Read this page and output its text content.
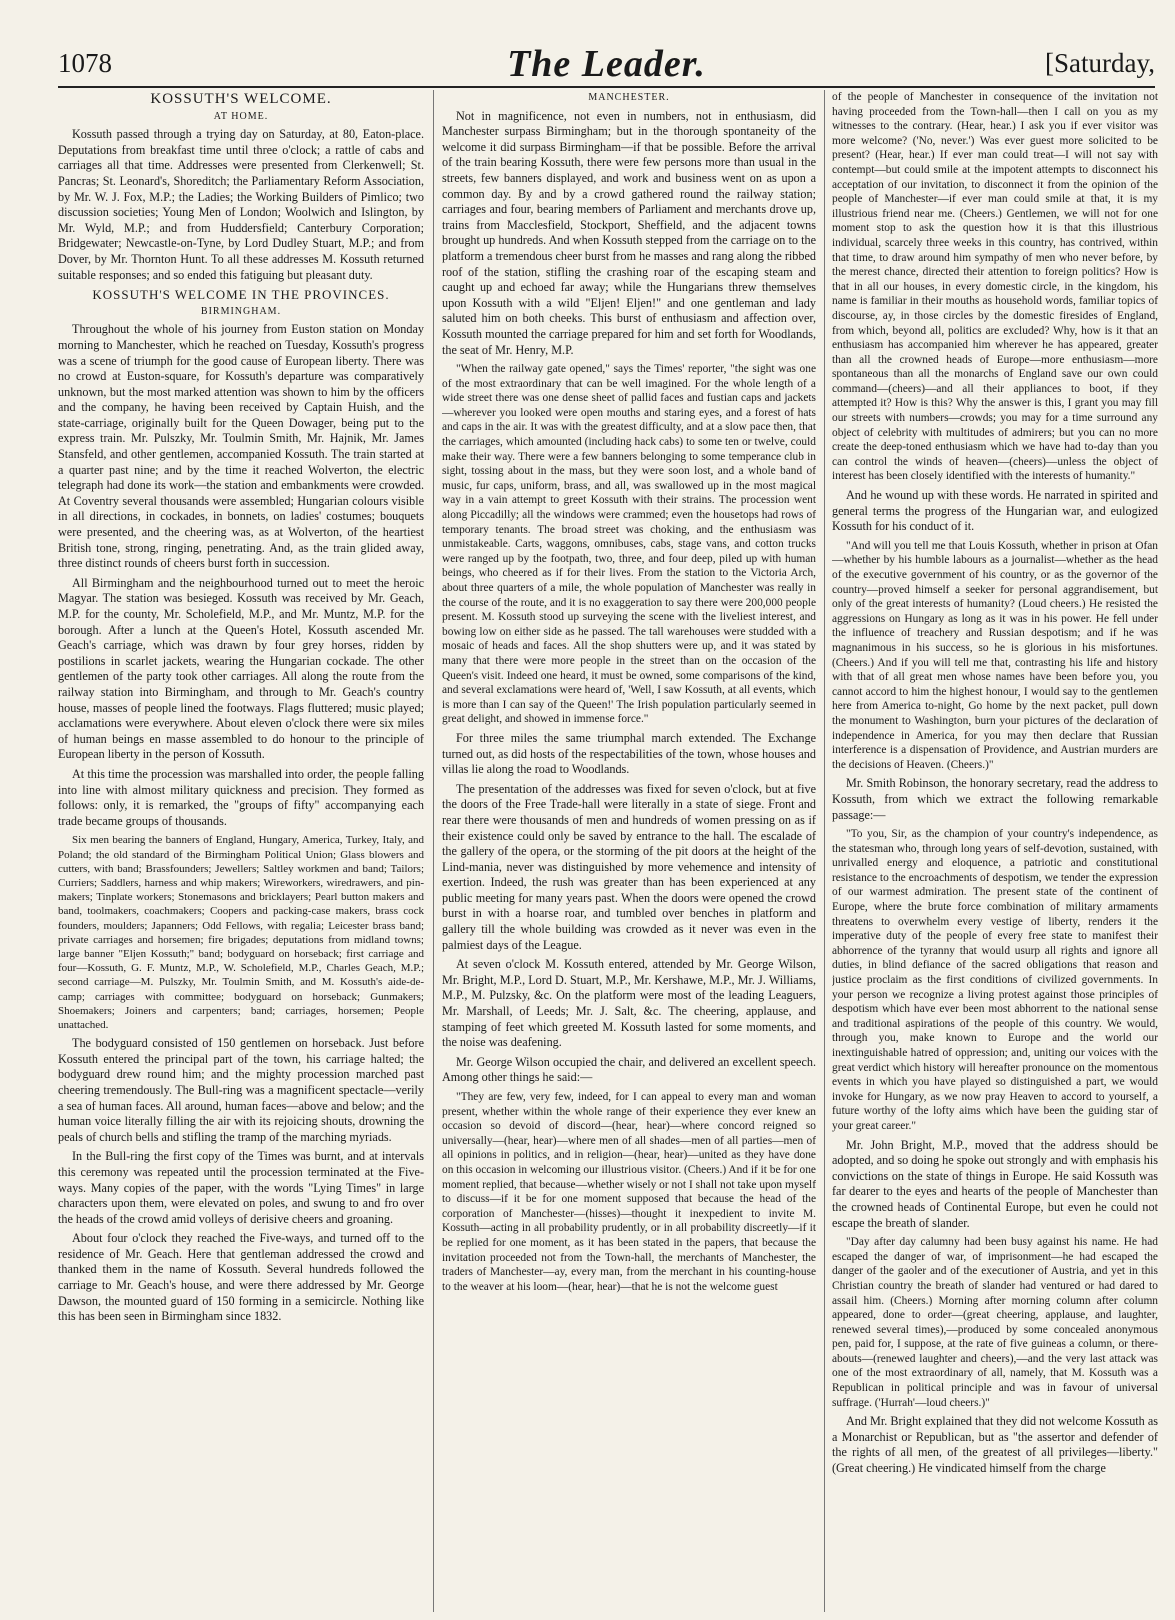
1078	The Leader.	[Saturday,
KOSSUTH'S WELCOME.
AT HOME.

Kossuth passed through a trying day on Saturday, at 80, Eaton-place. Deputations from breakfast time until three o'clock; a rattle of cabs and carriages all that time. Addresses were presented from Clerkenwell; St. Pancras; St. Leonard's, Shoreditch; the Parliamentary Reform Association, by Mr. W. J. Fox, M.P.; the Ladies; the Working Builders of Pimlico; two discussion societies; Young Men of London; Woolwich and Islington, by Mr. Wyld, M.P.; and from Huddersfield; Canterbury Corporation; Bridgewater; Newcastle-on-Tyne, by Lord Dudley Stuart, M.P.; and from Dover, by Mr. Thornton Hunt. To all these addresses M. Kossuth returned suitable responses; and so ended this fatiguing but pleasant duty.

KOSSUTH'S WELCOME IN THE PROVINCES.
BIRMINGHAM.

Throughout the whole of his journey from Euston station on Monday morning to Manchester, which he reached on Tuesday, Kossuth's progress was a scene of triumph for the good cause of European liberty. There was no crowd at Euston-square, for Kossuth's departure was comparatively unknown, but the most marked attention was shown to him by the officers and the company, he having been received by Captain Huish, and the state-carriage, originally built for the Queen Dowager, being put to the express train. Mr. Pulszky, Mr. Toulmin Smith, Mr. Hajnik, Mr. James Stansfeld, and other gentlemen, accompanied Kossuth. The train started at a quarter past nine; and by the time it reached Wolverton, the electric telegraph had done its work—the station and embankments were crowded. At Coventry several thousands were assembled; Hungarian colours visible in all directions, in cockades, in bonnets, on ladies' costumes; bouquets were presented, and the cheering was, as at Wolverton, of the heartiest British tone, strong, ringing, penetrating. And, as the train glided away, three distinct rounds of cheers burst forth in succession.

All Birmingham and the neighbourhood turned out to meet the heroic Magyar. The station was besieged. Kossuth was received by Mr. Geach, M.P. for the county, Mr. Scholefield, M.P., and Mr. Muntz, M.P. for the borough. After a lunch at the Queen's Hotel, Kossuth ascended Mr. Geach's carriage, which was drawn by four grey horses, ridden by postilions in scarlet jackets, wearing the Hungarian cockade. The other gentlemen of the party took other carriages. All along the route from the railway station into Birmingham, and through to Mr. Geach's country house, masses of people lined the footways. Flags fluttered; music played; acclamations were everywhere. About eleven o'clock there were six miles of human beings en masse assembled to do honour to the principle of European liberty in the person of Kossuth.

At this time the procession was marshalled into order, the people falling into line with almost military quickness and precision. They formed as follows: only, it is remarked, the "groups of fifty" accompanying each trade became groups of thousands.

Six men bearing the banners of England, Hungary, America, Turkey, Italy, and Poland; the old standard of the Birmingham Political Union; Glass blowers and cutters, with band; Brassfounders; Jewellers; Saltley workmen and band; Tailors; Curriers; Saddlers, harness and whip makers; Wireworkers, wiredrawers, and pin-makers; Tinplate workers; Stonemasons and bricklayers; Pearl button makers and band, toolmakers, coachmakers; Coopers and packing-case makers, brass cock founders, moulders; Japanners; Odd Fellows, with regalia; Leicester brass band; private carriages and horsemen; fire brigades; deputations from midland towns; large banner "Eljen Kossuth;" band; bodyguard on horseback; first carriage and four—Kossuth, G. F. Muntz, M.P., W. Scholefield, M.P., Charles Geach, M.P.; second carriage—M. Pulszky, Mr. Toulmin Smith, and M. Kossuth's aide-de-camp; carriages with committee; bodyguard on horseback; Gunmakers; Shoemakers; Joiners and carpenters; band; carriages, horsemen; People unattached.

The bodyguard consisted of 150 gentlemen on horseback. Just before Kossuth entered the principal part of the town, his carriage halted; the bodyguard drew round him; and the mighty procession marched past cheering tremendously. The Bull-ring was a magnificent spectacle—verily a sea of human faces. All around, human faces—above and below; and the human voice literally filling the air with its rejoicing shouts, drowning the peals of church bells and stifling the tramp of the marching myriads.

In the Bull-ring the first copy of the Times was burnt, and at intervals this ceremony was repeated until the procession terminated at the Five-ways. Many copies of the paper, with the words "Lying Times" in large characters upon them, were elevated on poles, and swung to and fro over the heads of the crowd amid volleys of derisive cheers and groaning.

About four o'clock they reached the Five-ways, and turned off to the residence of Mr. Geach. Here that gentleman addressed the crowd and thanked them in the name of Kossuth. Several hundreds followed the carriage to Mr. Geach's house, and were there addressed by Mr. George Dawson, the mounted guard of 150 forming in a semicircle. Nothing like this has been seen in Birmingham since 1832.

MANCHESTER.

Not in magnificence, not even in numbers, not in enthusiasm, did Manchester surpass Birmingham; but in the thorough spontaneity of the welcome it did surpass Birmingham—if that be possible. Before the arrival of the train bearing Kossuth, there were few persons more than usual in the streets, few banners displayed, and work and business went on as upon a common day. By and by a crowd gathered round the railway station; carriages and four, bearing members of Parliament and merchants drove up, trains from Macclesfield, Stockport, Sheffield, and the adjacent towns brought up hundreds. And when Kossuth stepped from the carriage on to the platform a tremendous cheer burst from he masses and rang along the ribbed roof of the station, stifling the crashing roar of the escaping steam and caught up and echoed far away; while the Hungarians threw themselves upon Kossuth with a wild "Eljen! Eljen!" and one gentleman and lady saluted him on both cheeks. This burst of enthusiasm and affection over, Kossuth mounted the carriage prepared for him and set forth for Woodlands, the seat of Mr. Henry, M.P.

"When the railway gate opened," says the Times' reporter, "the sight was one of the most extraordinary that can be well imagined. For the whole length of a wide street there was one dense sheet of pallid faces and fustian caps and jackets—wherever you looked were open mouths and staring eyes, and a forest of hats and caps in the air. It was with the greatest difficulty, and at a slow pace then, that the carriages, which amounted (including hack cabs) to some ten or twelve, could make their way. There were a few banners belonging to some temperance club in sight, tossing about in the mass, but they were soon lost, and a whole band of music, fur caps, uniform, brass, and all, was swallowed up in the most magical way in a vain attempt to greet Kossuth with their strains. The procession went along Piccadilly; all the windows were crammed; even the housetops had rows of temporary tenants. The broad street was choking, and the enthusiasm was unmistakeable. Carts, waggons, omnibuses, cabs, stage vans, and cotton trucks were ranged up by the footpath, two, three, and four deep, piled up with human beings, who cheered as if for their lives. From the station to the Victoria Arch, about three quarters of a mile, the whole population of Manchester was really in the course of the route, and it is no exaggeration to say there were 200,000 people present. M. Kossuth stood up surveying the scene with the liveliest interest, and bowing low on either side as he passed. The tall warehouses were studded with a mosaic of heads and faces. All the shop shutters were up, and it was stated by many that there were more people in the street than on the occasion of the Queen's visit. Indeed one heard, it must be owned, some comparisons of the kind, and several exclamations were heard of, 'Well, I saw Kossuth, at all events, which is more than I can say of the Queen!' The Irish population particularly seemed in great delight, and showed in immense force."

For three miles the same triumphal march extended. The Exchange turned out, as did hosts of the respectabilities of the town, whose houses and villas lie along the road to Woodlands.

The presentation of the addresses was fixed for seven o'clock, but at five the doors of the Free Trade-hall were literally in a state of siege. Front and rear there were thousands of men and hundreds of women pressing on as if their existence could only be saved by entrance to the hall. The escalade of the gallery of the opera, or the storming of the pit doors at the height of the Lind-mania, never was distinguished by more vehemence and intensity of exertion. Indeed, the rush was greater than has been experienced at any public meeting for many years past. When the doors were opened the crowd burst in with a hoarse roar, and tumbled over benches in platform and gallery till the whole building was crowded as it never was even in the palmiest days of the League.

At seven o'clock M. Kossuth entered, attended by Mr. George Wilson, Mr. Bright, M.P., Lord D. Stuart, M.P., Mr. Kershawe, M.P., Mr. J. Williams, M.P., M. Pulzsky, &c. On the platform were most of the leading Leaguers, Mr. Marshall, of Leeds; Mr. J. Salt, &c. The cheering, applause, and stamping of feet which greeted M. Kossuth lasted for some moments, and the noise was deafening.

Mr. George Wilson occupied the chair, and delivered an excellent speech. Among other things he said:—

"They are few, very few, indeed, for I can appeal to every man and woman present, whether within the whole range of their experience they ever knew an occasion so devoid of discord—(hear, hear)—where concord reigned so universally—(hear, hear)—where men of all shades—men of all parties—men of all opinions in politics, and in religion—(hear, hear)—united as they have done on this occasion in welcoming our illustrious visitor. (Cheers.) And if it be for one moment replied, that because—whether wisely or not I shall not take upon myself to discuss—if it be for one moment supposed that because the head of the corporation of Manchester—(hisses)—thought it inexpedient to invite M. Kossuth—acting in all probability prudently, or in all probability discreetly—if it be replied for one moment, as it has been stated in the papers, that because the invitation proceeded not from the Town-hall, the merchants of Manchester, the traders of Manchester—ay, every man, from the merchant in his counting-house to the weaver at his loom—(hear, hear)—that he is not the welcome guest

of the people of Manchester in consequence of the invitation not having proceeded from the Town-hall—then I call on you as my witnesses to the contrary. (Hear, hear.) I ask you if ever visitor was more welcome? ('No, never.') Was ever guest more solicited to be present? (Hear, hear.) If ever man could treat—I will not say with contempt—but could smile at the impotent attempts to disconnect his acceptation of our invitation, to disconnect it from the opinion of the people of Manchester—if ever man could smile at that, it is my illustrious friend near me. (Cheers.) Gentlemen, we will not for one moment stop to ask the question how it is that this illustrious individual, scarcely three weeks in this country, has contrived, within that time, to draw around him sympathy of men who never before, by the merest chance, directed their attention to foreign politics? How is that in all our houses, in every domestic circle, in the kingdom, his name is familiar in their mouths as household words, familiar topics of discourse, ay, in those circles by the domestic firesides of England, from which, beyond all, politics are excluded? Why, how is it that an enthusiasm has accompanied him wherever he has appeared, greater than all the crowned heads of Europe—more enthusiasm—more spontaneous than all the monarchs of England save our own could command—(cheers)—and all their appliances to boot, if they attempted it? How is this? Why the answer is this, I grant you may fill our streets with numbers—crowds; you may for a time surround any object of celebrity with multitudes of admirers; but you can no more create the deep-toned enthusiasm which we have had to-day than you can control the winds of heaven—(cheers)—unless the object of interest has been closely identified with the interests of humanity."

And he wound up with these words. He narrated in spirited and general terms the progress of the Hungarian war, and eulogized Kossuth for his conduct of it.

"And will you tell me that Louis Kossuth, whether in prison at Ofan—whether by his humble labours as a journalist—whether as the head of the executive government of his country, or as the governor of the country—proved himself a seeker for personal aggrandisement, but only of the great interests of humanity? (Loud cheers.) He resisted the aggressions on Hungary as long as it was in his power. He fell under the influence of treachery and Russian despotism; and if he was magnanimous in his success, so he is glorious in his misfortunes. (Cheers.) And if you will tell me that, contrasting his life and history with that of all great men whose names have been before you, you cannot accord to him the highest honour, I would say to the gentlemen here from America to-night, Go home by the next packet, pull down the monument to Washington, burn your pictures of the declaration of independence in America, for you may then declare that Russian interference is a dispensation of Providence, and Austrian murders are the decisions of Heaven. (Cheers.)"

Mr. Smith Robinson, the honorary secretary, read the address to Kossuth, from which we extract the following remarkable passage:—

"To you, Sir, as the champion of your country's independence, as the statesman who, through long years of self-devotion, sustained, with unrivalled energy and eloquence, a patriotic and constitutional resistance to the encroachments of despotism, we tender the expression of our warmest admiration. The present state of the continent of Europe, where the brute force combination of military armaments threatens to overwhelm every vestige of liberty, renders it the imperative duty of the people of every free state to manifest their abhorrence of the tyranny that would usurp all rights and ignore all duties, in blind defiance of the sacred obligations that reason and justice proclaim as the first conditions of civilized governments. In your person we recognize a living protest against those principles of despotism which have ever been most abhorrent to the national sense and traditional aspirations of the people of this country. We would, through you, make known to Europe and the world our inextinguishable hatred of oppression; and, uniting our voices with the great verdict which history will hereafter pronounce on the momentous events in which you have played so distinguished a part, we would invoke for Hungary, as we now pray Heaven to accord to yourself, a future worthy of the lofty aims which have been the guiding star of your great career."

Mr. John Bright, M.P., moved that the address should be adopted, and so doing he spoke out strongly and with emphasis his convictions on the state of things in Europe. He said Kossuth was far dearer to the eyes and hearts of the people of Manchester than the crowned heads of Continental Europe, but even he could not escape the breath of slander.

"Day after day calumny had been busy against his name. He had escaped the danger of war, of imprisonment—he had escaped the danger of the gaoler and of the executioner of Austria, and yet in this Christian country the breath of slander had ventured or had dared to assail him. (Cheers.) Morning after morning column after column appeared, done to order—(great cheering, applause, and laughter, renewed several times),—produced by some concealed anonymous pen, paid for, I suppose, at the rate of five guineas a column, or there-abouts—(renewed laughter and cheers),—and the very last attack was one of the most extraordinary of all, namely, that M. Kossuth was a Republican in political principle and was in favour of universal suffrage. ('Hurrah'—loud cheers.)"

And Mr. Bright explained that they did not welcome Kossuth as a Monarchist or Republican, but as "the assertor and defender of the rights of all men, of the greatest of all privileges—liberty." (Great cheering.) He vindicated himself from the charge
